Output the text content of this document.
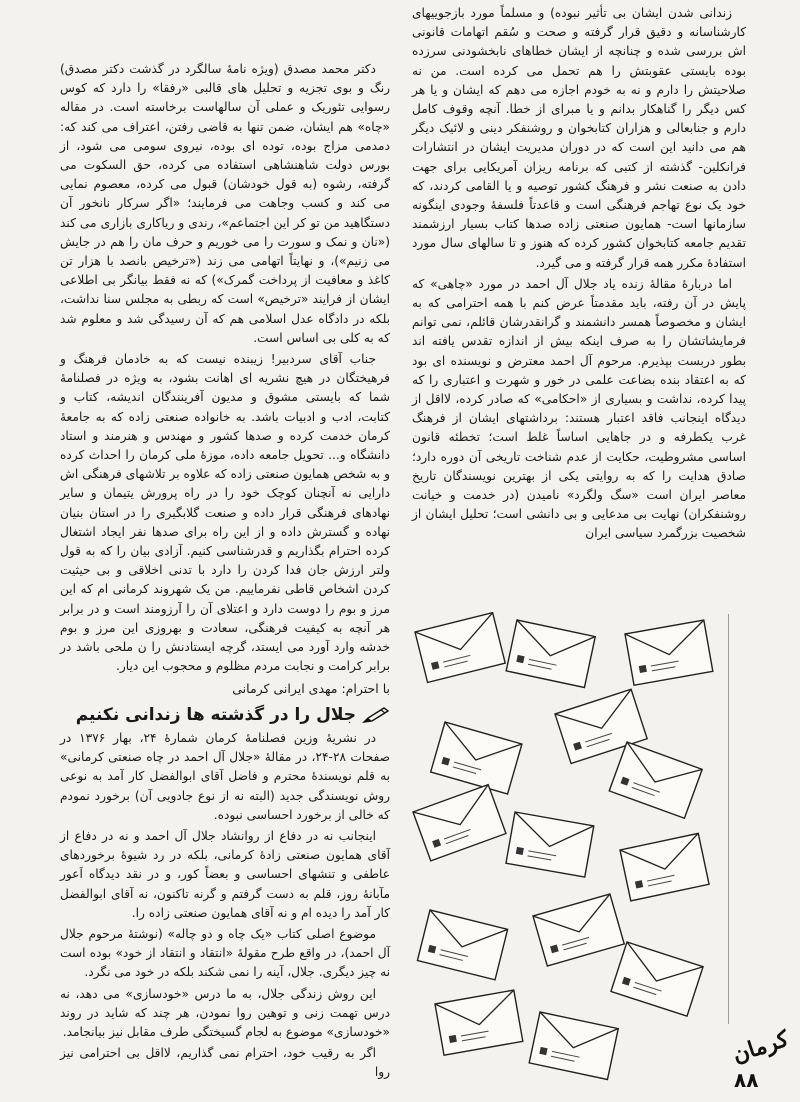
زندانی شدن ایشان بی تأثیر نبوده) و مسلماً مورد بازجوییهای کارشناسانه و دقیق قرار گرفته و صحت و سُقم اتهامات قانونی اش بررسی شده و چنانچه از ایشان خطاهای نابخشودنی سرزده بوده بایستی عقوبتش را هم تحمل می کرده است. من نه صلاحیتش را دارم و نه به خودم اجازه می دهم که ایشان و یا هر کس دیگر را گناهکار بدانم و یا مبرای از خطا. آنچه وقوف کامل دارم و جنابعالی و هزاران کتابخوان و روشنفکر دینی و لائیک دیگر هم می دانید این است که در دوران مدیریت ایشان در انتشارات فرانکلین- گذشته از کتبی که برنامه ریزان آمریکایی برای جهت دادن به صنعت نشر و فرهنگ کشور توصیه و یا القامی کردند، که خود یک نوع تهاجم فرهنگی است و قاعدتاً فلسفهٔ وجودی اینگونه سازمانها است- همایون صنعتی زاده صدها کتاب بسیار ارزشمند تقدیم جامعه کتابخوان کشور کرده که هنوز و تا سالهای سال مورد استفادهٔ مکرر همه قرار گرفته و می گیرد.

اما دربارهٔ مقالهٔ زنده یاد جلال آل احمد در مورد «چاهی» که پایش در آن رفته، باید مقدمتاً عرض کنم با همه احترامی که به ایشان و مخصوصاً همسر دانشمند و گرانقدرشان قائلم، نمی توانم فرمایشاتشان را به صرف اینکه بیش از اندازه تقدس یافته اند بطور دربست بپذیرم. مرحوم آل احمد معترض و نویسنده ای بود که به اعتقاد بنده بضاعت علمی در خور و شهرت و اعتباری را که پیدا کرده، نداشت و بسیاری از «احکامی» که صادر کرده، لااقل از دیدگاه اینجانب فاقد اعتبار هستند: برداشتهای ایشان از فرهنگ غرب یکطرفه و در جاهایی اساساً غلط است؛ تخطئه قانون اساسی مشروطیت، حکایت از عدم شناخت تاریخی آن دوره دارد؛ صادق هدایت را که به روایتی یکی از بهترین نویسندگان تاریخ معاصر ایران است «سگ ولگرد» نامیدن (در خدمت و خیانت روشنفکران) نهایت بی مدعایی و بی دانشی است؛ تحلیل ایشان از شخصیت بزرگمرد سیاسی ایران

دکتر محمد مصدق (ویژه نامهٔ سالگرد در گذشت دکتر مصدق) رنگ و بوی تجزیه و تحلیل های قالبی «رفقا» را دارد که کوس رسوایی تئوریک و عملی آن سالهاست برخاسته است. در مقاله «چاه» هم ایشان، ضمن تنها به قاضی رفتن، اعتراف می کند که: دمدمی مزاج بوده، توده ای بوده، نیروی سومی می شود، از بورس دولت شاهنشاهی استفاده می کرده، حق السکوت می گرفته، رشوه (به قول خودشان) قبول می کرده، معصوم نمایی می کند و کسب وجاهت می فرمایند؛ «اگر سرکار نانخور آن دستگاهید من تو کر این اجتماعم»، رندی و ریاکاری بازاری می کند («نان و نمک و سورت را می خوریم و حرف مان را هم در جایش می زنیم»)، و نهایتاً اتهامی می زند («ترخیص بانصد با هزار تن کاغذ و معافیت از پرداخت گمرک») که نه فقط بیانگر بی اطلاعی ایشان از فرایند «ترخیص» است که ربطی به مجلس سنا نداشت، بلکه در دادگاه عدل اسلامی هم که آن رسیدگی شد و معلوم شد که به کلی بی اساس است.

جناب آقای سردبیر! زیبنده نیست که به خادمان فرهنگ و فرهیختگان در هیچ نشریه ای اهانت بشود، به ویژه در فصلنامهٔ شما که بایستی مشوق و مدیون آفرینندگان اندیشه، کتاب و کتابت، ادب و ادبیات باشد. به خانواده صنعتی زاده که به جامعهٔ کرمان خدمت کرده و صدها کشور و مهندس و هنرمند و استاد دانشگاه و... تحویل جامعه داده، موزهٔ ملی کرمان را احداث کرده و به شخص همایون صنعتی زاده که علاوه بر تلاشهای فرهنگی اش دارایی نه آنچنان کوچک خود را در راه پرورش یتیمان و سایر نهادهای فرهنگی قرار داده و صنعت گلابگیری را در استان بنیان نهاده و گسترش داده و از این راه برای صدها نفر ایجاد اشتغال کرده احترام بگذاریم و قدرشناسی کنیم. آزادی بیان را که به قول ولتر ارزش جان فدا کردن را دارد با تدنی اخلاقی و بی حیثیت کردن اشخاص قاطی نفرماییم. من یک شهروند کرمانی ام که این مرز و بوم را دوست دارد و اعتلای آن را آرزومند است و در برابر هر آنچه به کیفیت فرهنگی، سعادت و بهروزی این مرز و بوم خدشه وارد آورد می ایستد، گرچه ایستادنش را ن ملحی باشد در برابر کرامت و نجابت مردم مظلوم و محجوب این دیار.

با احترام: مهدی ایرانی کرمانی

جلال را در گذشته ها زندانی نکنیم

در نشریهٔ وزین فصلنامهٔ کرمان شمارهٔ ۲۴، بهار ۱۳۷۶ در صفحات ۲۸-۲۴، در مقالهٔ «جلال آل احمد در چاه صنعتی کرمانی» به قلم نویسندهٔ محترم و فاضل آقای ابوالفضل کار آمد به نوعی روش نویسندگی جدید (البته نه از نوع جادویی آن) برخورد نمودم که خالی از برخورد احساسی نبوده.

اینجانب نه در دفاع از روانشاد جلال آل احمد و نه در دفاع از آقای همایون صنعتی زادهٔ کرمانی، بلکه در رد شیوهٔ برخوردهای عاطفی و تنشهای احساسی و بعضاً کور، و در نقد دیدگاه اَعور مآبانهٔ روز، قلم به دست گرفتم و گرنه تاکنون، نه آقای ابوالفضل کار آمد را دیده ام و نه آقای همایون صنعتی زاده را.

موضوع اصلی کتاب «یک چاه و دو چاله» (نوشتهٔ مرحوم جلال آل احمد)، در واقع طرح مقولهٔ «انتقاد و انتقاد از خود» بوده است نه چیز دیگری. جلال، آینه را نمی شکند بلکه در خود می نگرد.

این روش زندگی جلال، به ما درس «خودسازی» می دهد، نه درس تهمت زنی و توهین روا نمودن، هر چند که شاید در روند «خودسازی» موضوع به لجام گسیختگی طرف مقابل نیز بیانجامد.

اگر به رقیب خود، احترام نمی گذاریم، لااقل بی احترامی نیز روا

کرمان
۸۸
